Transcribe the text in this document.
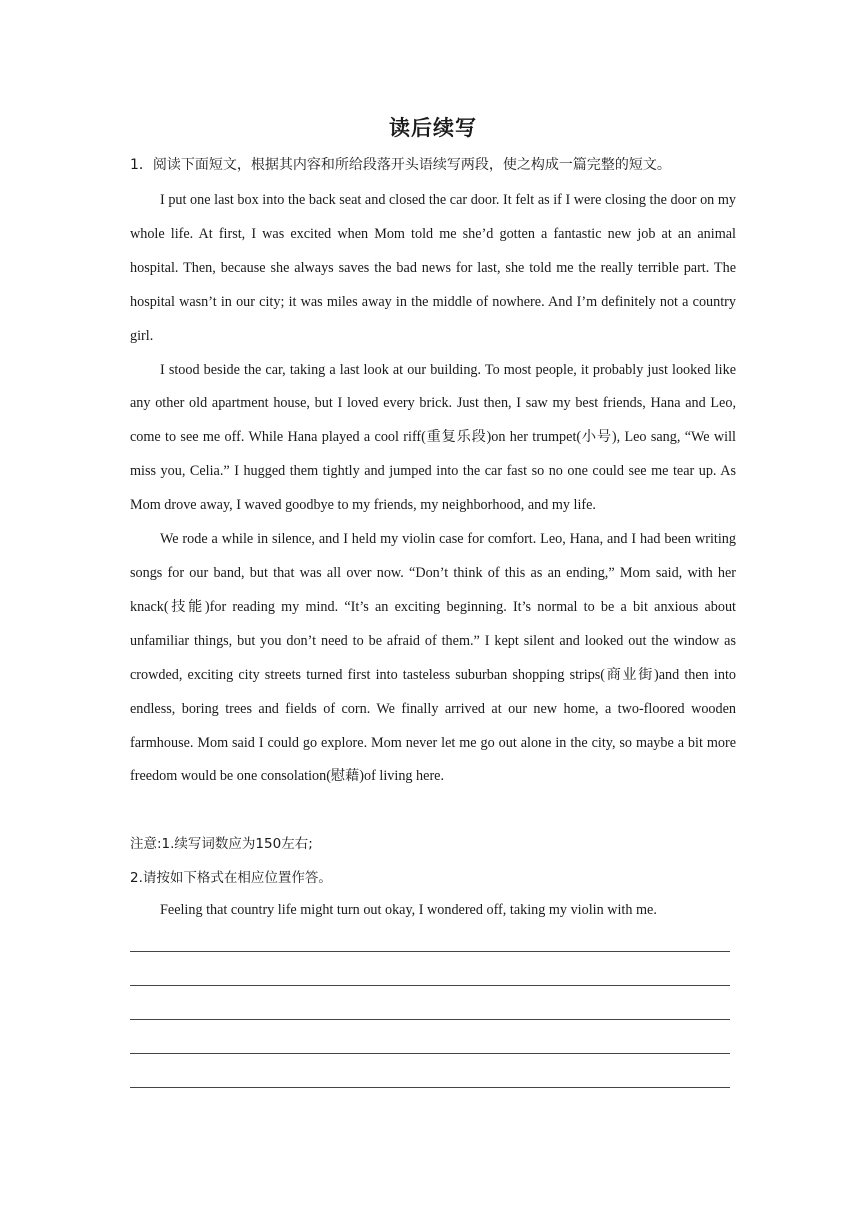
读后续写

1．阅读下面短文，根据其内容和所给段落开头语续写两段，使之构成一篇完整的短文。

I put one last box into the back seat and closed the car door. It felt as if I were closing the door on my whole life. At first, I was excited when Mom told me she’d gotten a fantastic new job at an animal hospital. Then, because she always saves the bad news for last, she told me the really terrible part. The hospital wasn’t in our city; it was miles away in the middle of nowhere. And I’m definitely not a country girl.

I stood beside the car, taking a last look at our building. To most people, it probably just looked like any other old apartment house, but I loved every brick. Just then, I saw my best friends, Hana and Leo, come to see me off. While Hana played a cool riff(重复乐段)on her trumpet(小号), Leo sang, “We will miss you, Celia.” I hugged them tightly and jumped into the car fast so no one could see me tear up. As Mom drove away, I waved goodbye to my friends, my neighborhood, and my life.

We rode a while in silence, and I held my violin case for comfort. Leo, Hana, and I had been writing songs for our band, but that was all over now. “Don’t think of this as an ending,” Mom said, with her knack(技能)for reading my mind. “It’s an exciting beginning. It’s normal to be a bit anxious about unfamiliar things, but you don’t need to be afraid of them.” I kept silent and looked out the window as crowded, exciting city streets turned first into tasteless suburban shopping strips(商业街)and then into endless, boring trees and fields of corn. We finally arrived at our new home, a two-floored wooden farmhouse. Mom said I could go explore. Mom never let me go out alone in the city, so maybe a bit more freedom would be one consolation(慰藉)of living here.

注意:1.续写词数应为150左右;

2.请按如下格式在相应位置作答。

Feeling that country life might turn out okay, I wondered off, taking my violin with me.
